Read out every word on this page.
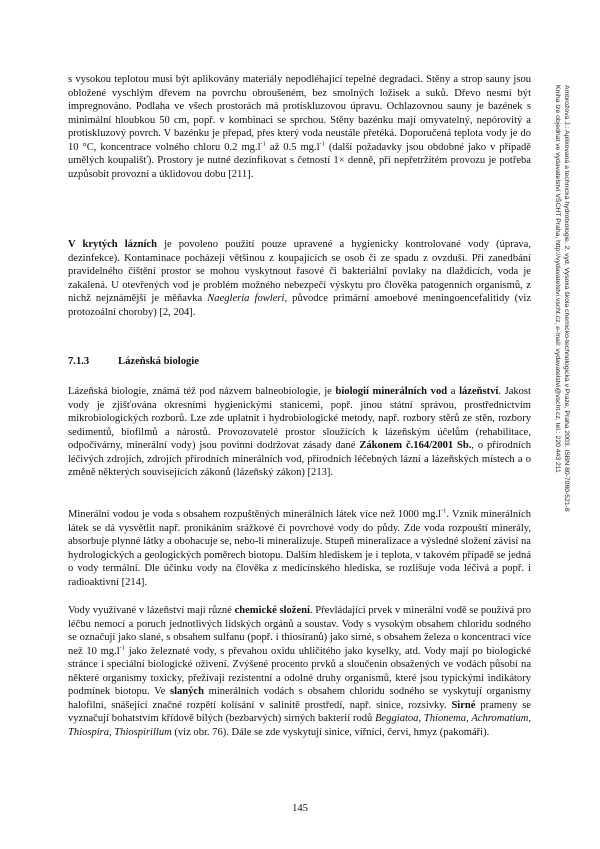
s vysokou teplotou musí být aplikovány materiály nepodléhající tepelné degradaci. Stěny a strop sauny jsou obložené vyschlým dřevem na povrchu obroušeném, bez smolných ložisek a suků. Dřevo nesmí být impregnováno. Podlaha ve všech prostorách má protiskluzovou úpravu. Ochlazovnou sauny je bazének s minimální hloubkou 50 cm, popř. v kombinaci se sprchou. Stěny bazénku mají omyvatelný, nepórovitý a protiskluzový povrch. V bazénku je přepad, přes který voda neustále přetéká. Doporučená teplota vody je do 10 °C, koncentrace volného chloru 0.2 $mg.l^{-1}$ až 0.5 $mg.l^{-1}$ (další požadavky jsou obdobné jako v případě umělých koupališť). Prostory je nutné dezinfikovat s četností 1× denně, při nepřetržitém provozu je potřeba uzpůsobit provozní a úklidovou dobu [211].

V krytých lázních je povoleno použití pouze upravené a hygienicky kontrolované vody (úprava, dezinfekce). Kontaminace pocházejí většinou z koupajících se osob či ze spadu z ovzduší. Při zanedbání pravidelného čištění prostor se mohou vyskytnout řasové či bakteriální povlaky na dlaždicích, voda je zakalená. U otevřených vod je problém možného nebezpečí výskytu pro člověka patogenních organismů, z nichž nejznámější je měňavka Naegleria fowleri, původce primární amoebové meningoencefalitidy (viz protozoální choroby) [2, 204].

7.1.3	Lázeňská biologie

Lázeňská biologie, známá též pod názvem balneobiologie, je biologií minerálních vod a lázeňství. Jakost vody je zjišťována okresními hygienickými stanicemi, popř. jinou státní správou, prostřednictvím mikrobiologických rozborů. Lze zde uplatnit i hydrobiologické metody, např. rozbory stěrů ze stěn, rozbory sedimentů, biofilmů a nárostů. Provozovatelé prostor sloužících k lázeňským účelům (rehabilitace, odpočívárny, minerální vody) jsou povinni dodržovat zásady dané Zákonem č.164/2001 Sb., o přírodních léčivých zdrojích, zdrojích přírodních minerálních vod, přírodních léčebných lázní a lázeňských místech a o změně některých souvisejících zákonů (lázeňský zákon) [213].

Minerální vodou je voda s obsahem rozpuštěných minerálních látek více než 1000 $mg.l^{-1}$. Vznik minerálních látek se dá vysvětlit např. pronikáním srážkové či povrchové vody do půdy. Zde voda rozpouští minerály, absorbuje plynné látky a obohacuje se, nebo-li mineralizuje. Stupeň mineralizace a výsledné složení závisí na hydrologických a geologických poměrech biotopu. Dalším hlediskem je i teplota, v takovém případě se jedná o vody termální. Dle účinku vody na člověka z medicínského hlediska, se rozlišuje voda léčivá a popř. i radioaktivní [214].

Vody využívané v lázeňství mají různé chemické složení. Převládající prvek v minerální vodě se používá pro léčbu nemocí a poruch jednotlivých lidských orgánů a soustav. Vody s vysokým obsahem chloridu sodného se označují jako slané, s obsahem sulfanu (popř. i thiosíranů) jako sirné, s obsahem železa o koncentraci více než 10 $mg.l^{-1}$ jako železnaté vody, s převahou oxidu uhličitého jako kyselky, atd. Vody mají po biologické stránce i speciální biologické oživení. Zvýšené procento prvků a sloučenin obsažených ve vodách působí na některé organismy toxicky, přežívají rezistentní a odolné druhy organismů, které jsou typickými indikátory podmínek biotopu. Ve slaných minerálních vodách s obsahem chloridu sodného se vyskytují organismy halofilní, snášející značné rozpětí kolísání v salinitě prostředí, např. sinice, rozsivky. Sirné prameny se vyznačují bohatstvím křídově bílých (bezbarvých) sirných bakterií rodů Beggiatoa, Thionema, Achromatium, Thiospira, Thiospirillum (viz obr. 76). Dále se zde vyskytují sinice, vířníci, červi, hmyz (pakomáři).

145

Ambrožová J.: Aplikovaná a technická hydrobiologie. 2. vyd. Vysoká škola chemicko-technologická v Praze, Praha 2003. ISBN 80-7080-521-8
Kniha Ize objednat ve vydavatelství VŠCHT Praha, http://vydavatelstvi.vscht.cz, e-mail: vydavatelstvi@vscht.cz, tel.: 220 443 211
